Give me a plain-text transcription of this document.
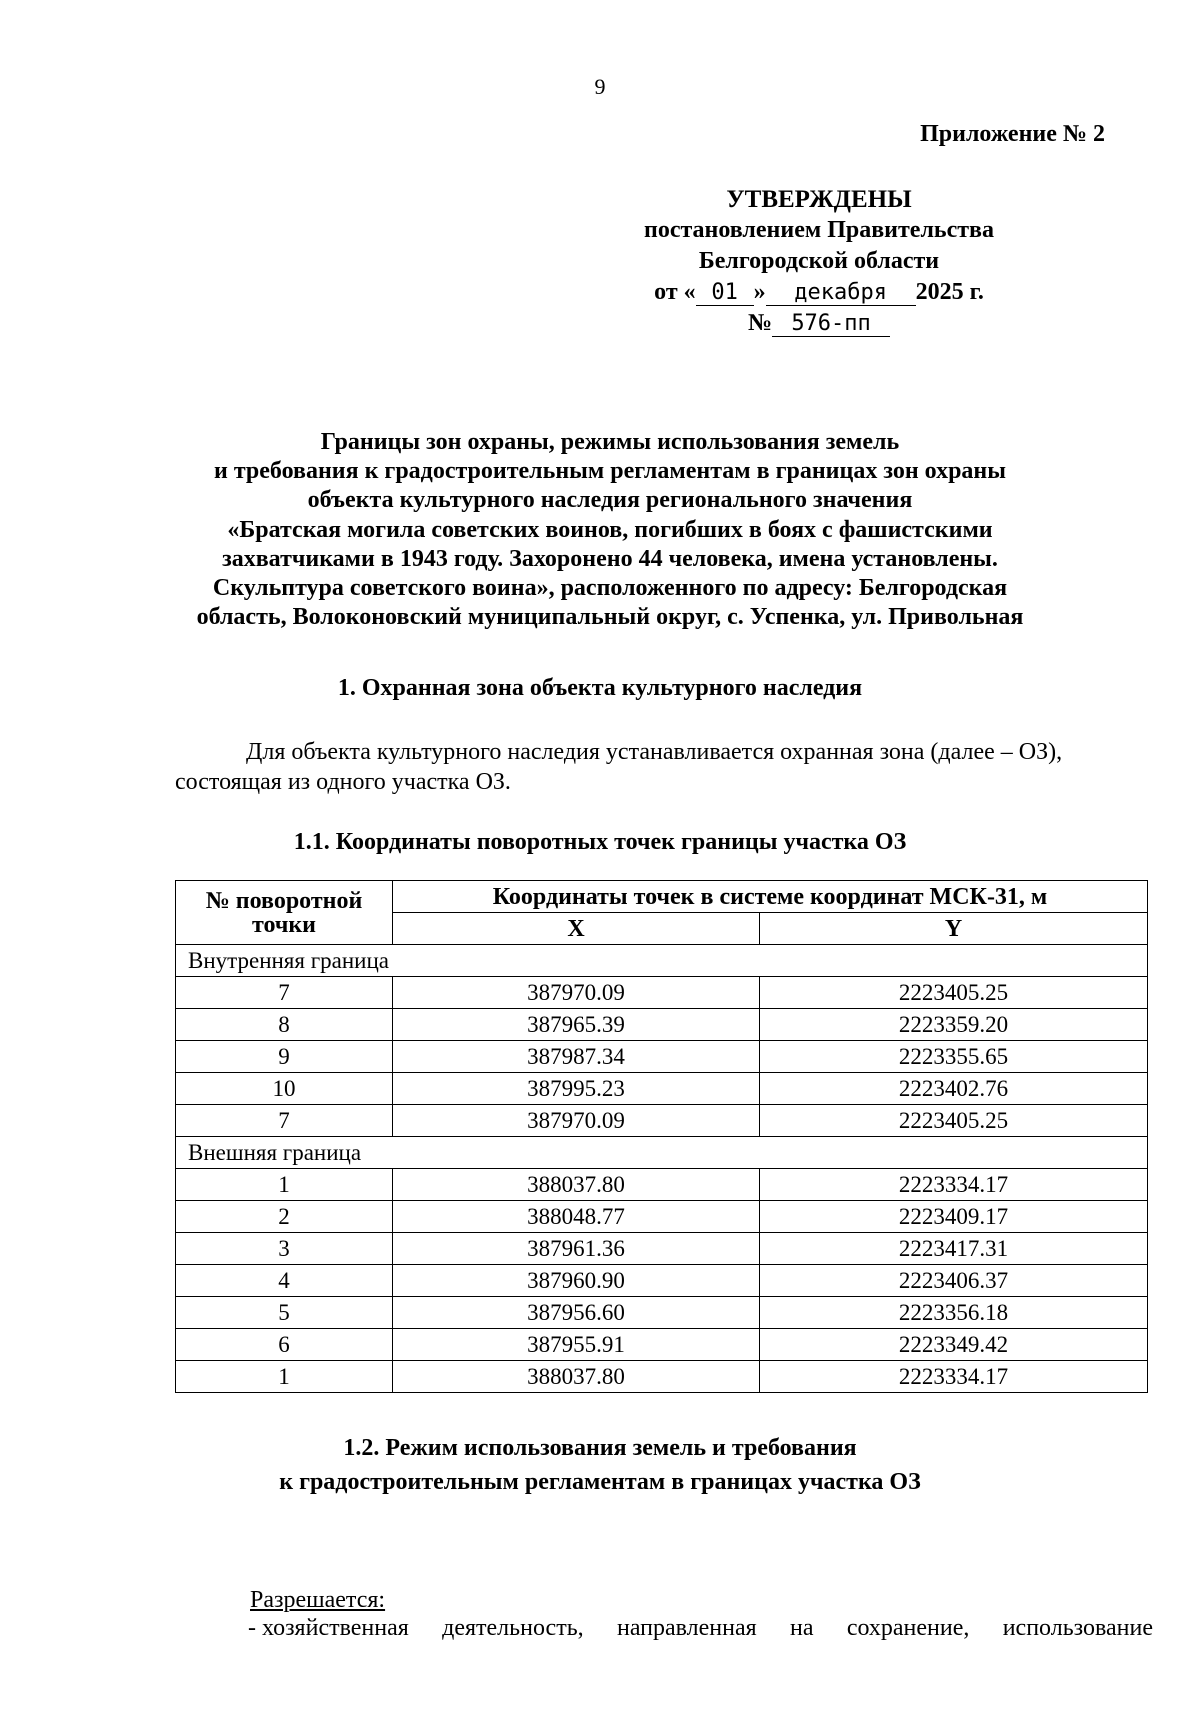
9
Приложение № 2
УТВЕРЖДЕНЫ
постановлением Правительства
Белгородской области
от « 01 » декабря 2025 г.
№ 576-пп
Границы зон охраны, режимы использования земель
и требования к градостроительным регламентам в границах зон охраны
объекта культурного наследия регионального значения
«Братская могила советских воинов, погибших в боях с фашистскими
захватчиками в 1943 году. Захоронено 44 человека, имена установлены.
Скульптура советского воина», расположенного по адресу: Белгородская
область, Волоконовский муниципальный округ, с. Успенка, ул. Привольная
1. Охранная зона объекта культурного наследия
Для объекта культурного наследия устанавливается охранная зона (далее – ОЗ),
состоящая из одного участка ОЗ.
1.1. Координаты поворотных точек границы участка ОЗ
№ поворотной точки	Координаты точек в системе координат МСК-31, м	
	X	Y
Внутренняя граница		
7	387970.09	2223405.25
8	387965.39	2223359.20
9	387987.34	2223355.65
10	387995.23	2223402.76
7	387970.09	2223405.25
Внешняя граница		
1	388037.80	2223334.17
2	388048.77	2223409.17
3	387961.36	2223417.31
4	387960.90	2223406.37
5	387956.60	2223356.18
6	387955.91	2223349.42
1	388037.80	2223334.17
1.2. Режим использования земель и требования
к градостроительным регламентам в границах участка ОЗ
Разрешается:
- хозяйственная деятельность, направленная на сохранение, использование
